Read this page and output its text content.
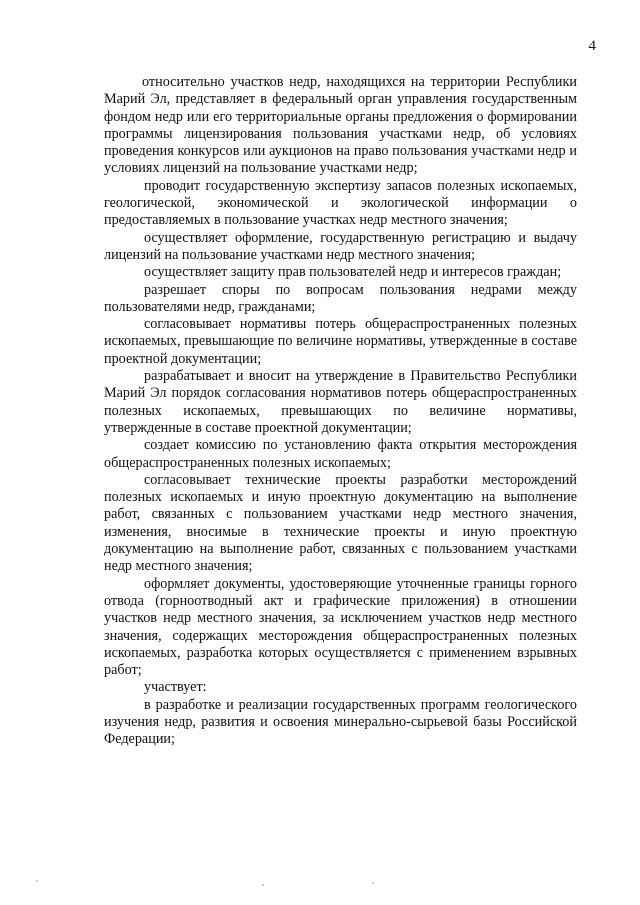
4

относительно участков недр, находящихся на территории Республики Марий Эл, представляет в федеральный орган управления государственным фондом недр или его территориальные органы предложения о формировании программы лицензирования пользования участками недр, об условиях проведения конкурсов или аукционов на право пользования участками недр и условиях лицензий на пользование участками недр;

проводит государственную экспертизу запасов полезных ископаемых, геологической, экономической и экологической информации о предоставляемых в пользование участках недр местного значения;

осуществляет оформление, государственную регистрацию и выдачу лицензий на пользование участками недр местного значения;

осуществляет защиту прав пользователей недр и интересов граждан;

разрешает споры по вопросам пользования недрами между пользователями недр, гражданами;

согласовывает нормативы потерь общераспространенных полезных ископаемых, превышающие по величине нормативы, утвержденные в составе проектной документации;

разрабатывает и вносит на утверждение в Правительство Республики Марий Эл порядок согласования нормативов потерь общераспространенных полезных ископаемых, превышающих по величине нормативы, утвержденные в составе проектной документации;

создает комиссию по установлению факта открытия месторождения общераспространенных полезных ископаемых;

согласовывает технические проекты разработки месторождений полезных ископаемых и иную проектную документацию на выполнение работ, связанных с пользованием участками недр местного значения, изменения, вносимые в технические проекты и иную проектную документацию на выполнение работ, связанных с пользованием участками недр местного значения;

оформляет документы, удостоверяющие уточненные границы горного отвода (горноотводный акт и графические приложения) в отношении участков недр местного значения, за исключением участков недр местного значения, содержащих месторождения общераспространенных полезных ископаемых, разработка которых осуществляется с применением взрывных работ;

участвует:

в разработке и реализации государственных программ геологического изучения недр, развития и освоения минерально-сырьевой базы Российской Федерации;
